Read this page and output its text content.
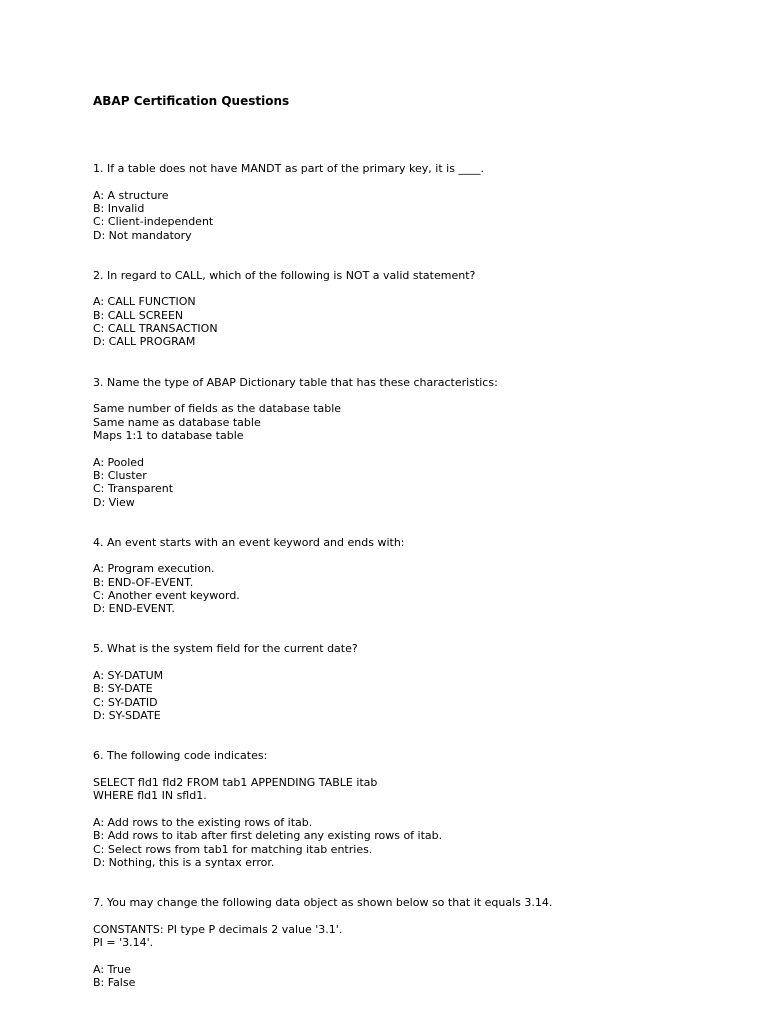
ABAP Certification Questions
1. If a table does not have MANDT as part of the primary key, it is ____.
A: A structure
B: Invalid
C: Client-independent
D: Not mandatory
2. In regard to CALL, which of the following is NOT a valid statement?
A: CALL FUNCTION
B: CALL SCREEN
C: CALL TRANSACTION
D: CALL PROGRAM
3. Name the type of ABAP Dictionary table that has these characteristics:
Same number of fields as the database table
Same name as database table
Maps 1:1 to database table
A: Pooled
B: Cluster
C: Transparent
D: View
4. An event starts with an event keyword and ends with:
A: Program execution.
B: END-OF-EVENT.
C: Another event keyword.
D: END-EVENT.
5. What is the system field for the current date?
A: SY-DATUM
B: SY-DATE
C: SY-DATID
D: SY-SDATE
6. The following code indicates:
SELECT fld1 fld2 FROM tab1 APPENDING TABLE itab
WHERE fld1 IN sfld1.
A: Add rows to the existing rows of itab.
B: Add rows to itab after first deleting any existing rows of itab.
C: Select rows from tab1 for matching itab entries.
D: Nothing, this is a syntax error.
7. You may change the following data object as shown below so that it equals 3.14.
CONSTANTS: PI type P decimals 2 value '3.1'.
PI = '3.14'.
A: True
B: False
